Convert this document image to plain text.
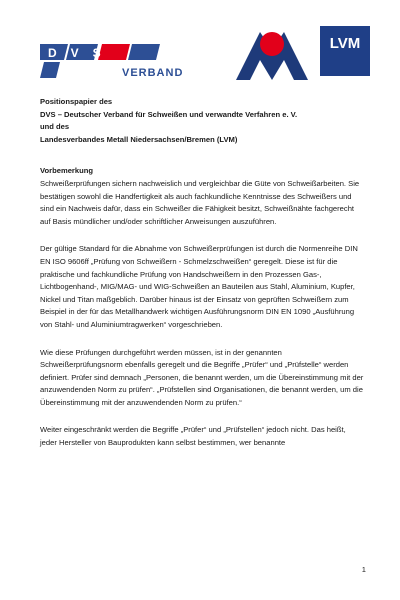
DVS
VERBAND
LVM
Positionspapier des
DVS – Deutscher Verband für Schweißen und verwandte Verfahren e. V.
und des
Landesverbandes Metall Niedersachsen/Bremen (LVM)

Vorbemerkung

Schweißerprüfungen sichern nachweislich und vergleichbar die Güte von Schweißarbeiten. Sie bestätigen sowohl die Handfertigkeit als auch fachkundliche Kenntnisse des Schweißers und sind ein Nachweis dafür, dass ein Schweißer die Fähigkeit besitzt, Schweißnähte fachgerecht auf Basis mündlicher und/oder schriftlicher Anweisungen auszuführen.

Der gültige Standard für die Abnahme von Schweißerprüfungen ist durch die Normenreihe DIN EN ISO 9606ff „Prüfung von Schweißern - Schmelzschweißen“ geregelt. Diese ist für die praktische und fachkundliche Prüfung von Handschweißern in den Prozessen Gas-, Lichtbogenhand-, MIG/MAG- und WIG-Schweißen an Bauteilen aus Stahl, Aluminium, Kupfer, Nickel und Titan maßgeblich. Darüber hinaus ist der Einsatz von geprüften Schweißern zum Beispiel in der für das Metallhandwerk wichtigen Ausführungsnorm DIN EN 1090 „Ausführung von Stahl- und Aluminiumtragwerken“ vorgeschrieben.

Wie diese Prüfungen durchgeführt werden müssen, ist in der genannten Schweißerprüfungsnorm ebenfalls geregelt und die Begriffe „Prüfer“ und „Prüfstelle“ werden definiert. Prüfer sind demnach „Personen, die benannt werden, um die Übereinstimmung mit der anzuwendenden Norm zu prüfen“. „Prüfstellen sind Organisationen, die benannt werden, um die Übereinstimmung mit der anzuwendenden Norm zu prüfen.“

Weiter eingeschränkt werden die Begriffe „Prüfer“ und „Prüfstellen“ jedoch nicht. Das heißt, jeder Hersteller von Bauprodukten kann selbst bestimmen, wer benannte

1
